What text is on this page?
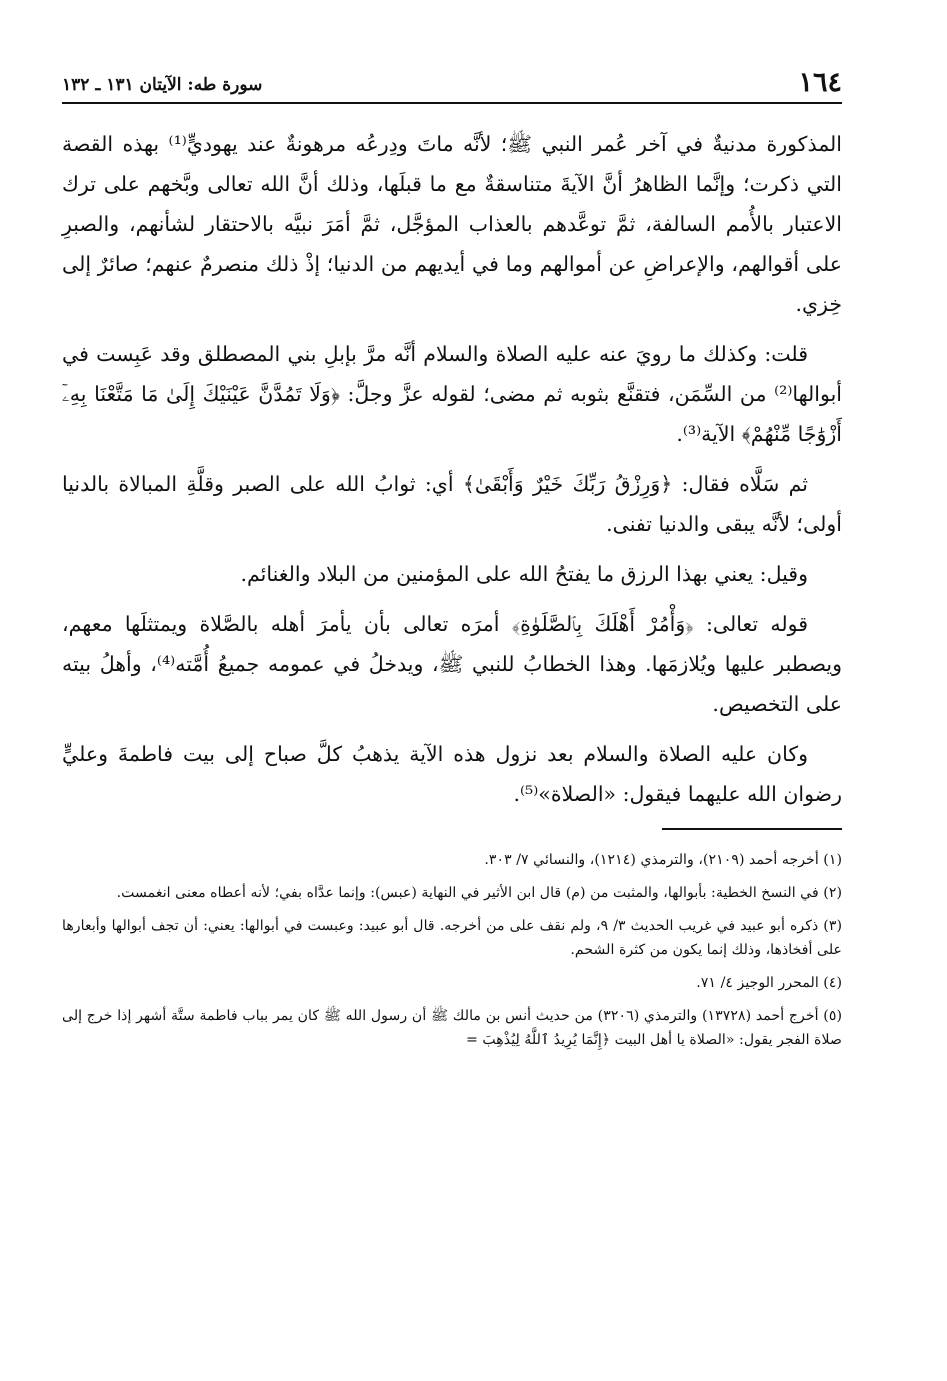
١٦٤
سورة طه: الآيتان ١٣١ ـ ١٣٢

المذكورة مدنيةٌ في آخر عُمر النبي ﷺ؛ لأنَّه ماتَ ودِرعُه مرهونةٌ عند يهوديٍّ⁽¹⁾ بهذه القصة التي ذكرت؛ وإنَّما الظاهرُ أنَّ الآيةَ متناسقةٌ مع ما قبلَها، وذلك أنَّ الله تعالى وبَّخهم على ترك الاعتبار بالأُمم السالفة، ثمَّ توعَّدهم بالعذاب المؤجَّل، ثمَّ أمَرَ نبيَّه بالاحتقار لشأنهم، والصبرِ على أقوالهم، والإعراضِ عن أموالهم وما في أيديهم من الدنيا؛ إذْ ذلك منصرمٌ عنهم؛ صائرٌ إلى خِزي.

قلت: وكذلك ما رويَ عنه عليه الصلاة والسلام أنَّه مرَّ بإبلِ بني المصطلق وقد عَبِست في أبوالها⁽²⁾ من السِّمَن، فتقنَّع بثوبه ثم مضى؛ لقوله عزَّ وجلَّ: ﴿وَلَا تَمُدَّنَّ عَيْنَيْكَ إِلَىٰ مَا مَتَّعْنَا بِهِۦٓ أَزْوَٰجًا مِّنْهُمْ﴾ الآية⁽³⁾.

ثم سَلَّاه فقال: ﴿وَرِزْقُ رَبِّكَ خَيْرٌ وَأَبْقَىٰ﴾ أي: ثوابُ الله على الصبر وقلَّةِ المبالاة بالدنيا أولى؛ لأنَّه يبقى والدنيا تفنى.

وقيل: يعني بهذا الرزق ما يفتحُ الله على المؤمنين من البلاد والغنائم.

قوله تعالى: ﴿وَأْمُرْ أَهْلَكَ بِٱلصَّلَوٰةِ﴾ أمرَه تعالى بأن يأمرَ أهله بالصَّلاة ويمتثلَها معهم، ويصطبر عليها ويُلازمَها. وهذا الخطابُ للنبي ﷺ، ويدخلُ في عمومه جميعُ أُمَّته⁽⁴⁾، وأهلُ بيته على التخصيص.

وكان عليه الصلاة والسلام بعد نزول هذه الآية يذهبُ كلَّ صباح إلى بيت فاطمةَ وعليٍّ رضوان الله عليهما فيقول: «الصلاة»⁽⁵⁾.

(١) أخرجه أحمد (٢١٠٩)، والترمذي (١٢١٤)، والنسائي ٧/ ٣٠٣.

(٢) في النسخ الخطية: بأبوالها، والمثبت من (م) قال ابن الأثير في النهاية (عبس): وإنما عدَّاه بفي؛ لأنه أعطاه معنى انغمست.

(٣) ذكره أبو عبيد في غريب الحديث ٣/ ٩، ولم نقف على من أخرجه. قال أبو عبيد: وعبست في أبوالها: يعني: أن تجف أبوالها وأبعارها على أفخاذها، وذلك إنما يكون من كثرة الشحم.

(٤) المحرر الوجيز ٤/ ٧١.

(٥) أخرج أحمد (١٣٧٢٨) والترمذي (٣٢٠٦) من حديث أنس بن مالك ﷺ أن رسول الله ﷺ كان يمر بباب فاطمة ستَّة أشهر إذا خرج إلى صلاة الفجر يقول: «الصلاة يا أهل البيت ﴿إِنَّمَا يُرِيدُ ٱللَّهُ لِيُذْهِبَ =
